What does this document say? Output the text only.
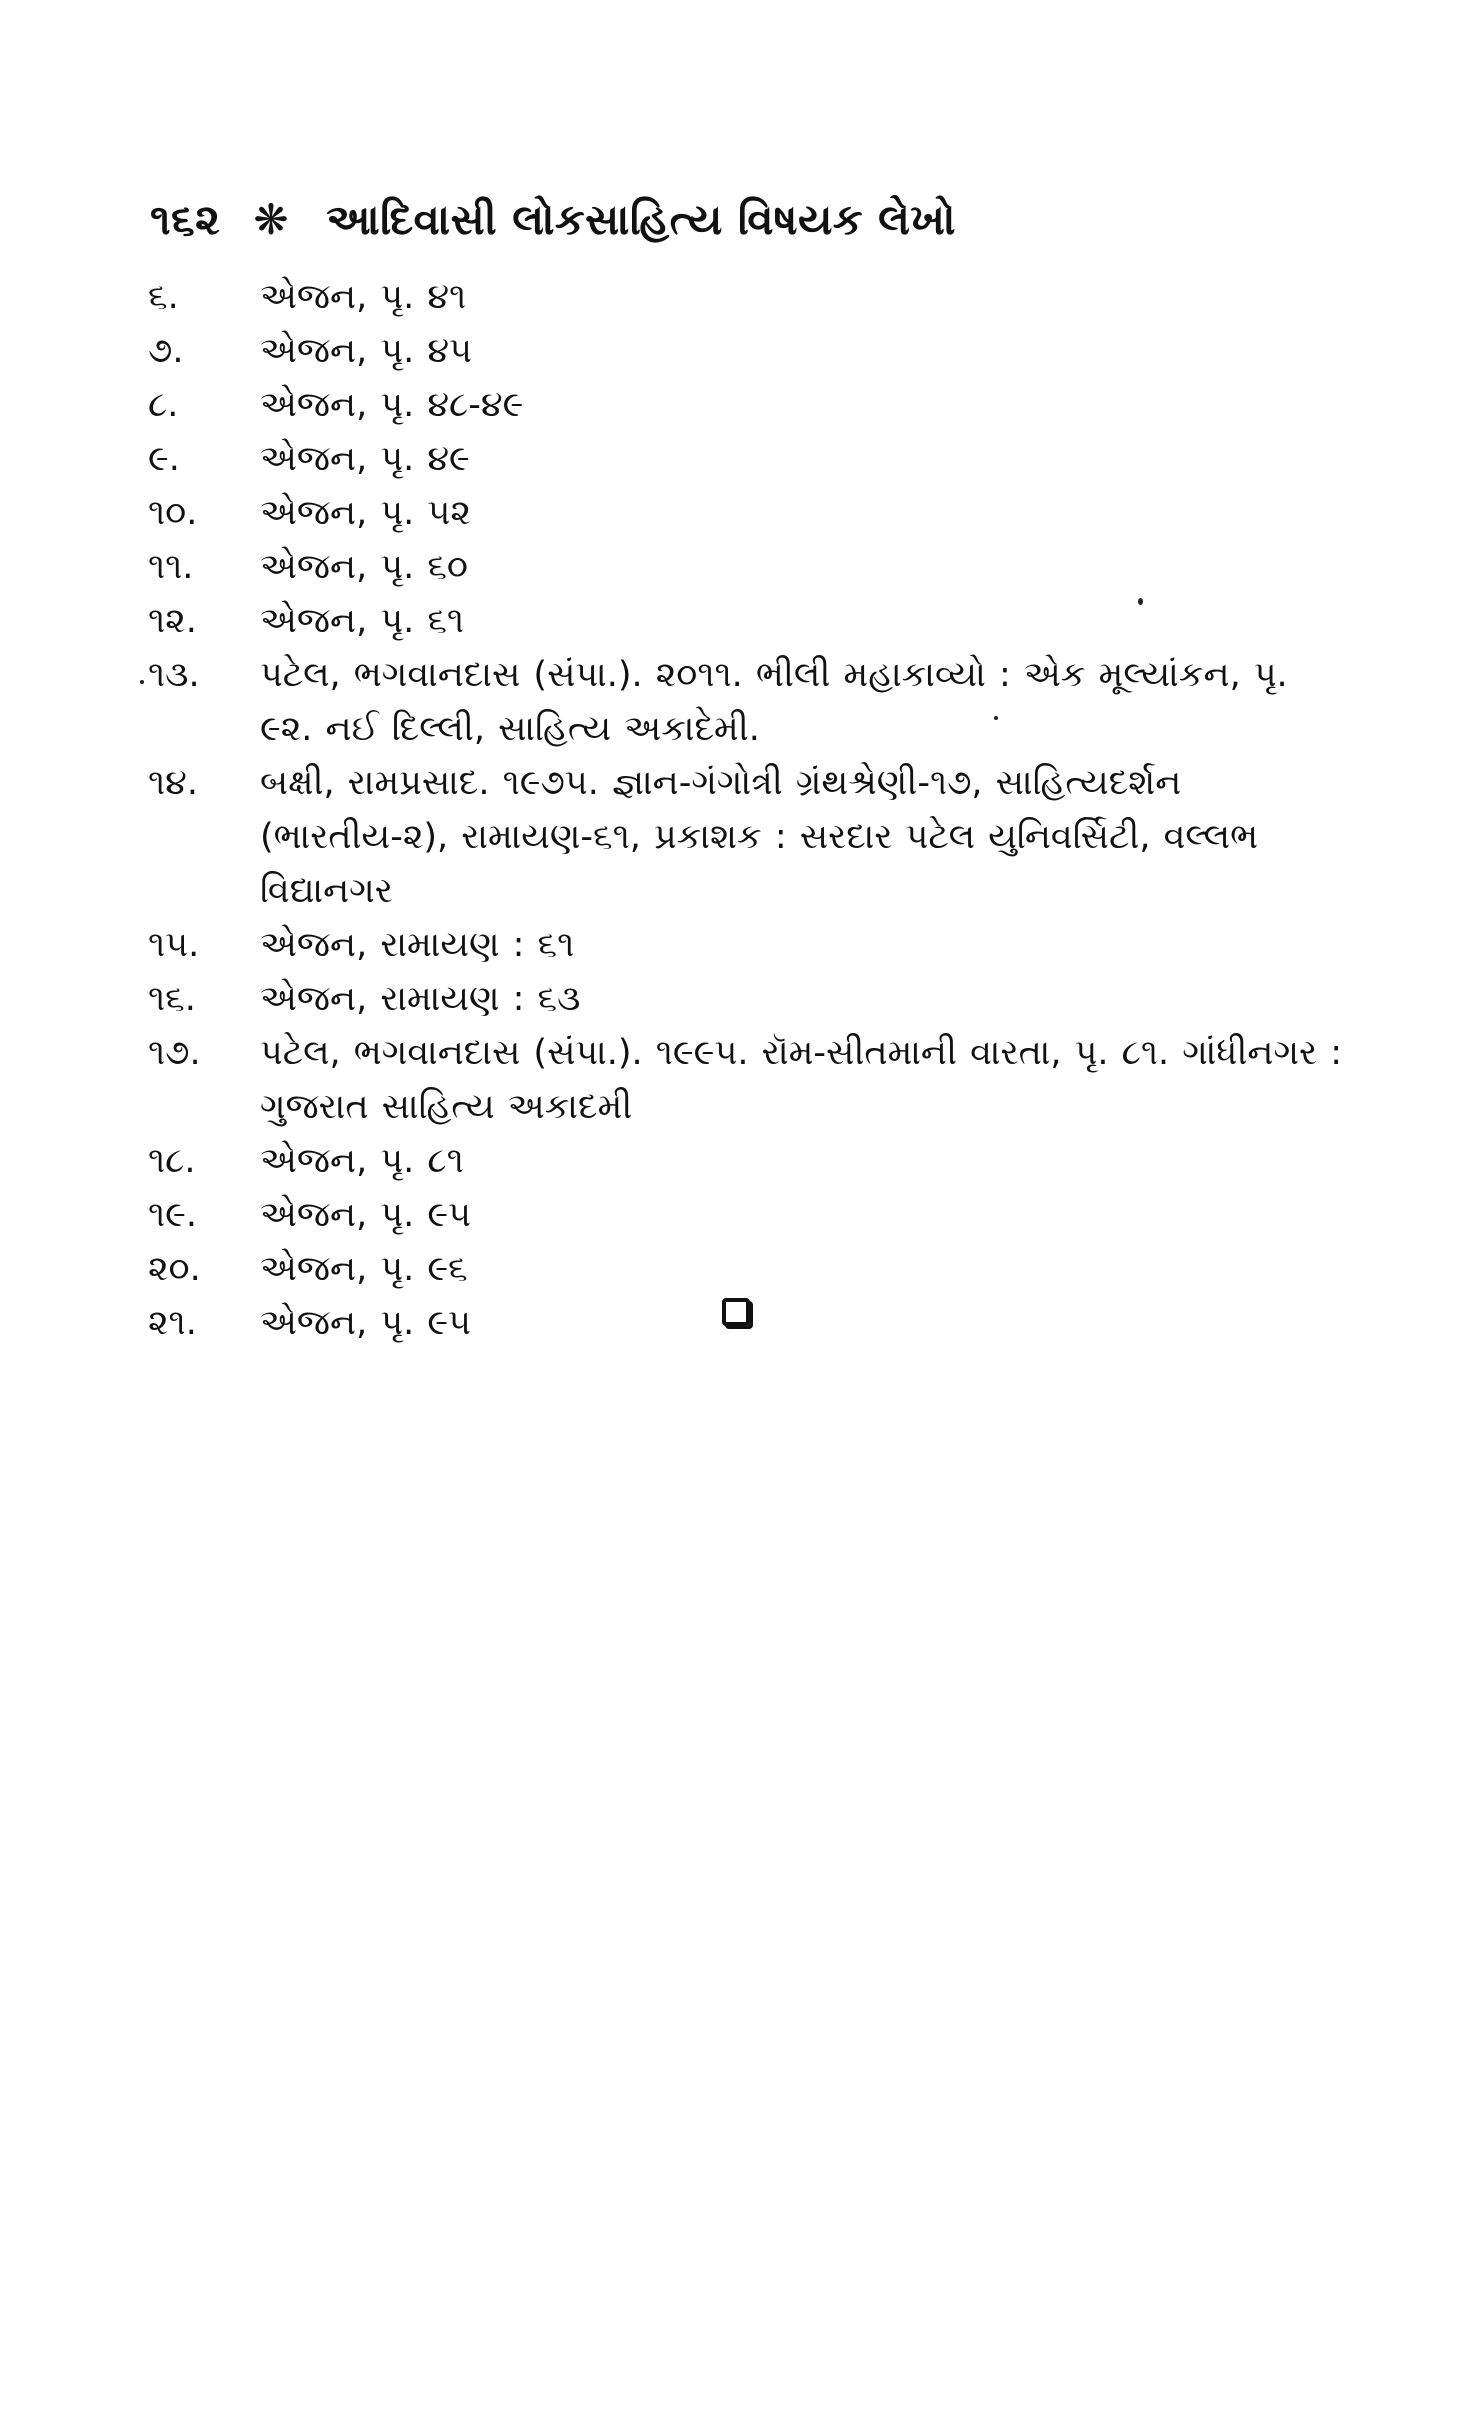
૧૬૨ ❋ આદિવાસી લોકસાહિત્ય વિષયક લેખો
૬.	એજન, પૃ. ૪૧
૭.	એજન, પૃ. ૪૫
૮.	એજન, પૃ. ૪૮-૪૯
૯.	એજન, પૃ. ૪૯
૧૦.	એજન, પૃ. ૫૨
૧૧.	એજન, પૃ. ૬૦
૧૨.	એજન, પૃ. ૬૧
૧૩.	પટેલ, ભગવાનદાસ (સંપા.). ૨૦૧૧. ભીલી મહાકાવ્યો : એક મૂલ્યાંકન, પૃ. ૯૨. નઈ દિલ્લી, સાહિત્ય અકાદેમી.
૧૪.	બક્ષી, રામપ્રસાદ. ૧૯૭૫. જ્ઞાન-ગંગોત્રી ગ્રંથશ્રેણી-૧૭, સાહિત્યદર્શન (ભારતીય-૨), રામાયણ-૬૧, પ્રકાશક : સરદાર પટેલ યુનિવર્સિટી, વલ્લભ વિદ્યાનગર
૧૫.	એજન, રામાયણ : ૬૧
૧૬.	એજન, રામાયણ : ૬૩
૧૭.	પટેલ, ભગવાનદાસ (સંપા.). ૧૯૯૫. રૉમ-સીતમાની વારતા, પૃ. ૮૧. ગાંધીનગર : ગુજરાત સાહિત્ય અકાદમી
૧૮.	એજન, પૃ. ૮૧
૧૯.	એજન, પૃ. ૯૫
૨૦.	એજન, પૃ. ૯૬
૨૧.	એજન, પૃ. ૯૫
